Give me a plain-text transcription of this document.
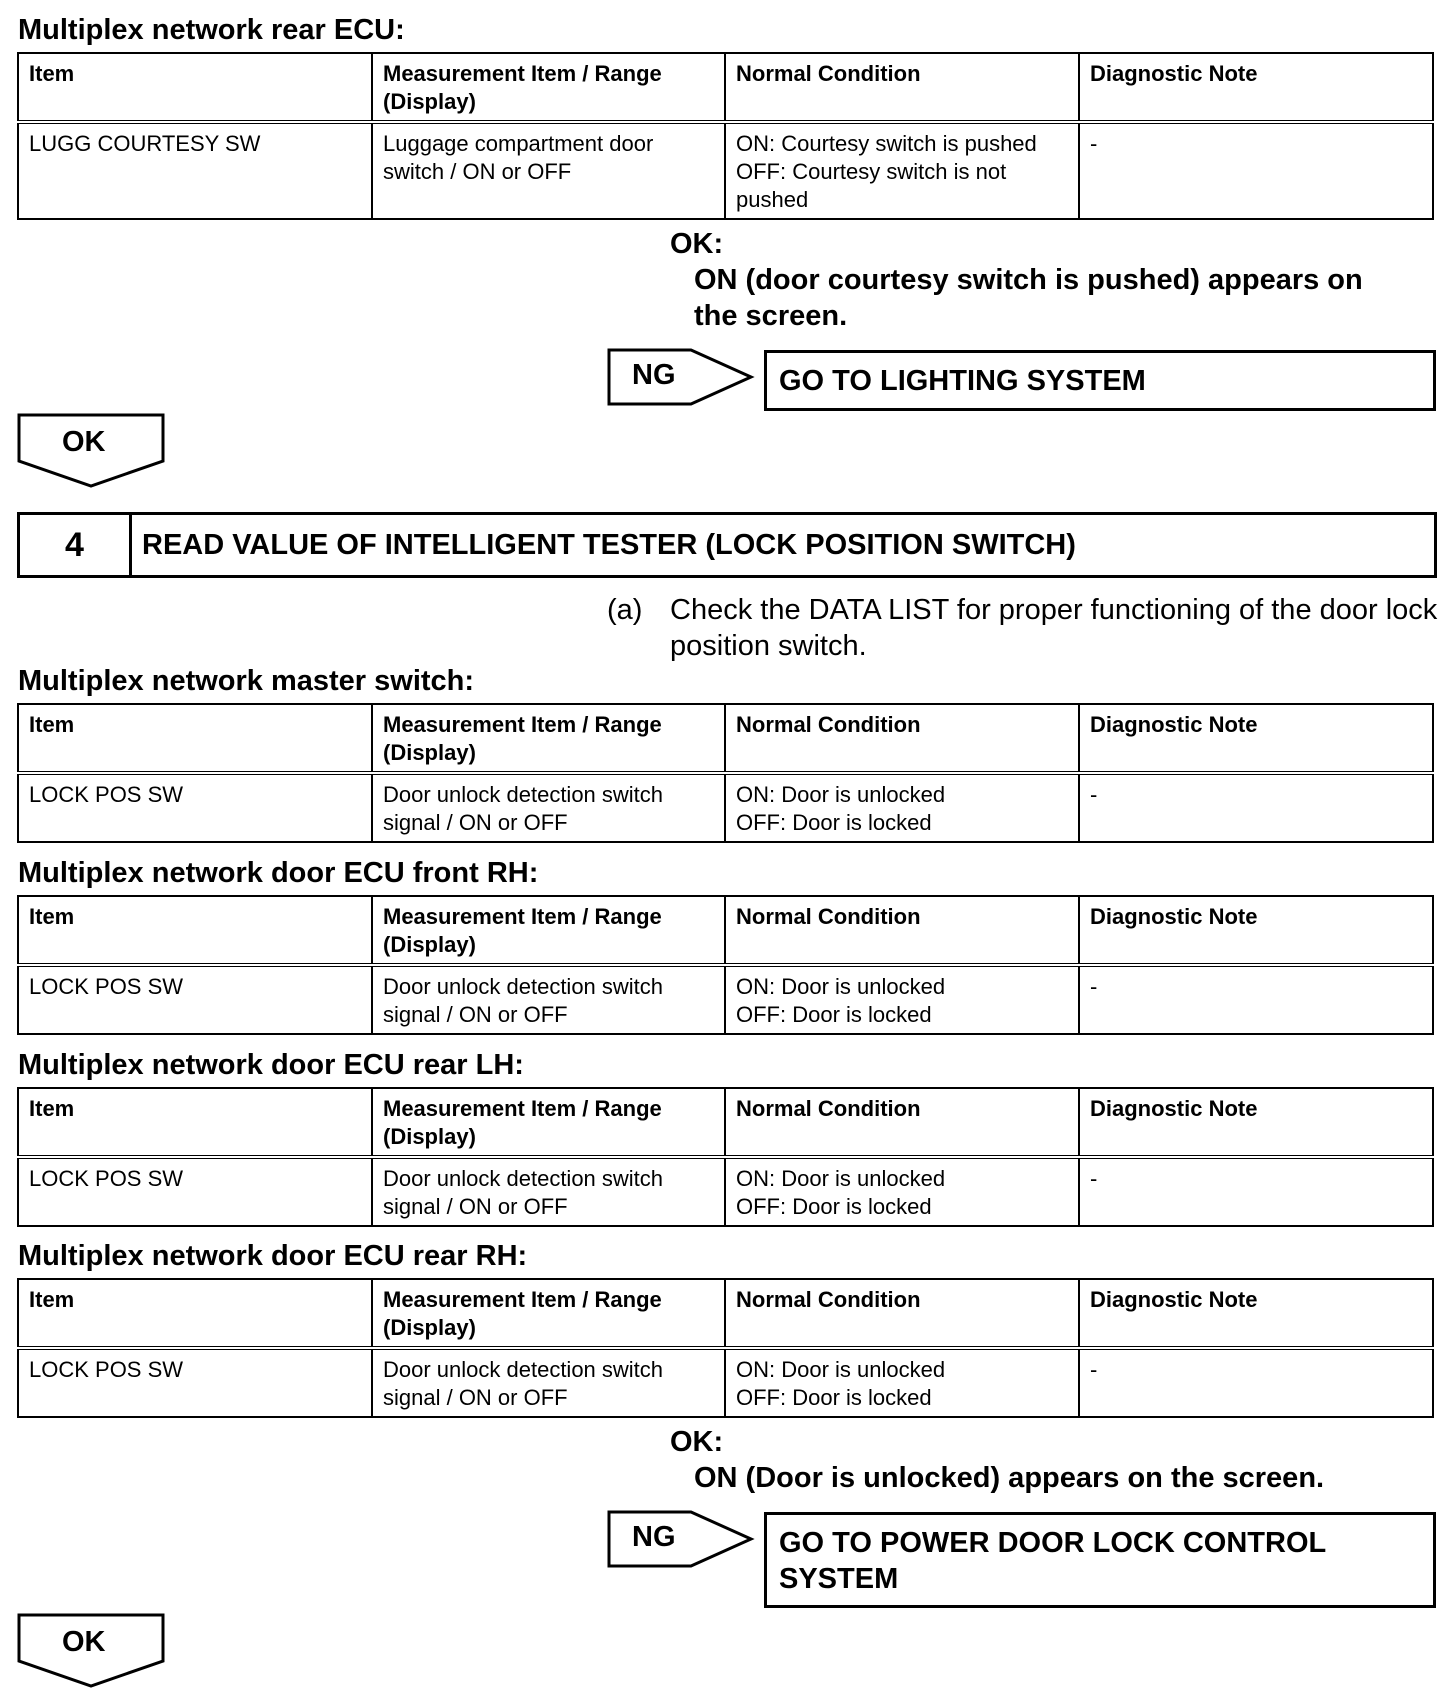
Multiplex network rear ECU:
Item	Measurement Item / Range (Display)	Normal Condition	Diagnostic Note
LUGG COURTESY SW	Luggage compartment door switch / ON or OFF	ON: Courtesy switch is pushed OFF: Courtesy switch is not pushed	-
OK:
ON (door courtesy switch is pushed) appears on the screen.
NG	GO TO LIGHTING SYSTEM
OK
4	READ VALUE OF INTELLIGENT TESTER (LOCK POSITION SWITCH)
(a) Check the DATA LIST for proper functioning of the door lock position switch.
Multiplex network master switch:
Item	Measurement Item / Range (Display)	Normal Condition	Diagnostic Note
LOCK POS SW	Door unlock detection switch signal / ON or OFF	ON: Door is unlocked OFF: Door is locked	-
Multiplex network door ECU front RH:
Item	Measurement Item / Range (Display)	Normal Condition	Diagnostic Note
LOCK POS SW	Door unlock detection switch signal / ON or OFF	ON: Door is unlocked OFF: Door is locked	-
Multiplex network door ECU rear LH:
Item	Measurement Item / Range (Display)	Normal Condition	Diagnostic Note
LOCK POS SW	Door unlock detection switch signal / ON or OFF	ON: Door is unlocked OFF: Door is locked	-
Multiplex network door ECU rear RH:
Item	Measurement Item / Range (Display)	Normal Condition	Diagnostic Note
LOCK POS SW	Door unlock detection switch signal / ON or OFF	ON: Door is unlocked OFF: Door is locked	-
OK:
ON (Door is unlocked) appears on the screen.
NG	GO TO POWER DOOR LOCK CONTROL SYSTEM
OK
